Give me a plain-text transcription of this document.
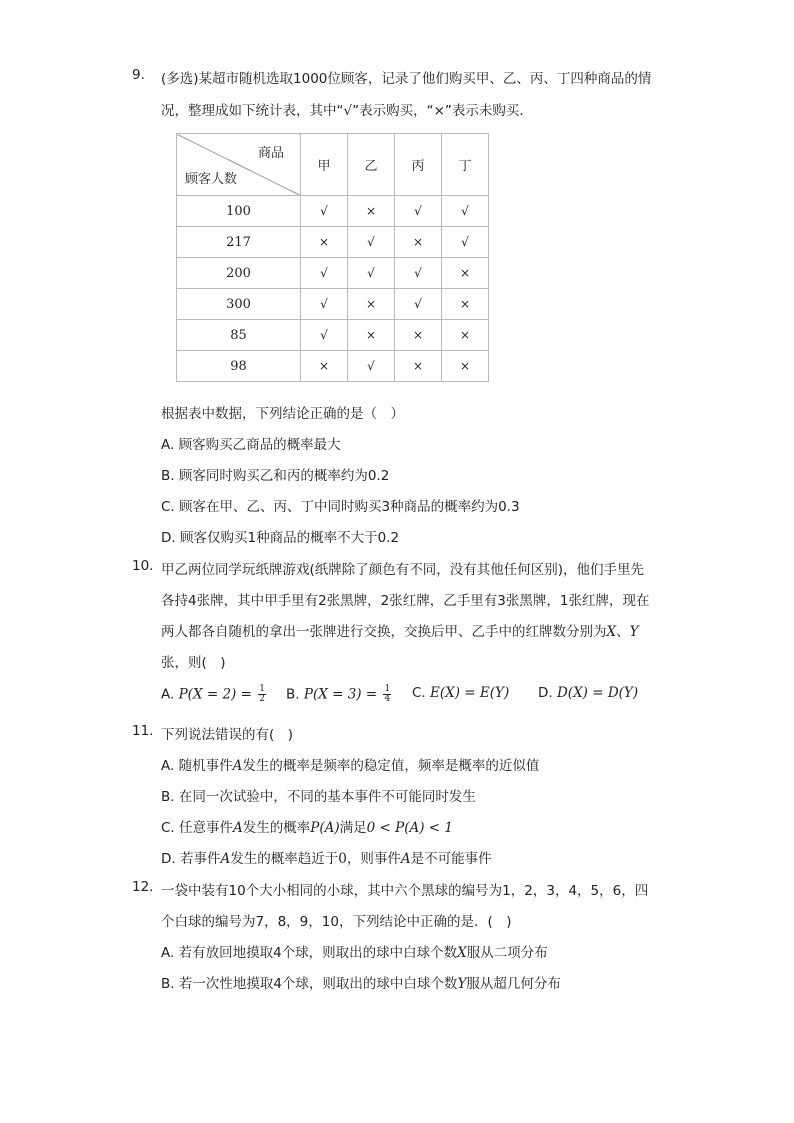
9. (多选)某超市随机选取1000位顾客，记录了他们购买甲、乙、丙、丁四种商品的情
况，整理成如下统计表，其中“√”表示购买，“×”表示未购买．
商品
顾客人数	甲	乙	丙	丁
100	√	×	√	√
217	×	√	×	√
200	√	√	√	×
300	√	×	√	×
85	√	×	×	×
98	×	√	×	×
根据表中数据，下列结论正确的是（　）
A. 顾客购买乙商品的概率最大
B. 顾客同时购买乙和丙的概率约为0.2
C. 顾客在甲、乙、丙、丁中同时购买3种商品的概率约为0.3
D. 顾客仅购买1种商品的概率不大于0.2
10. 甲乙两位同学玩纸牌游戏(纸牌除了颜色有不同，没有其他任何区别)，他们手里先
各持4张牌，其中甲手里有2张黑牌，2张红牌，乙手里有3张黑牌，1张红牌，现在
两人都各自随机的拿出一张牌进行交换，交换后甲、乙手中的红牌数分别为X、Y
张，则(　)
A. $P(X = 2) = \frac{1}{2} B$. $P(X = 3) = \frac{1}{4} C$. E(X) = E(Y) D. D(X) = D(Y)
11. 下列说法错误的有(　)
A. 随机事件A发生的概率是频率的稳定值，频率是概率的近似值
B. 在同一次试验中，不同的基本事件不可能同时发生
C. 任意事件A发生的概率P(A)满足0 < P(A) < 1
D. 若事件A发生的概率趋近于0，则事件A是不可能事件
12. 一袋中装有10个大小相同的小球，其中六个黑球的编号为1，2，3，4，5，6，四
个白球的编号为7，8，9，10，下列结论中正确的是．(　)
A. 若有放回地摸取4个球，则取出的球中白球个数X服从二项分布
B. 若一次性地摸取4个球，则取出的球中白球个数Y服从超几何分布
